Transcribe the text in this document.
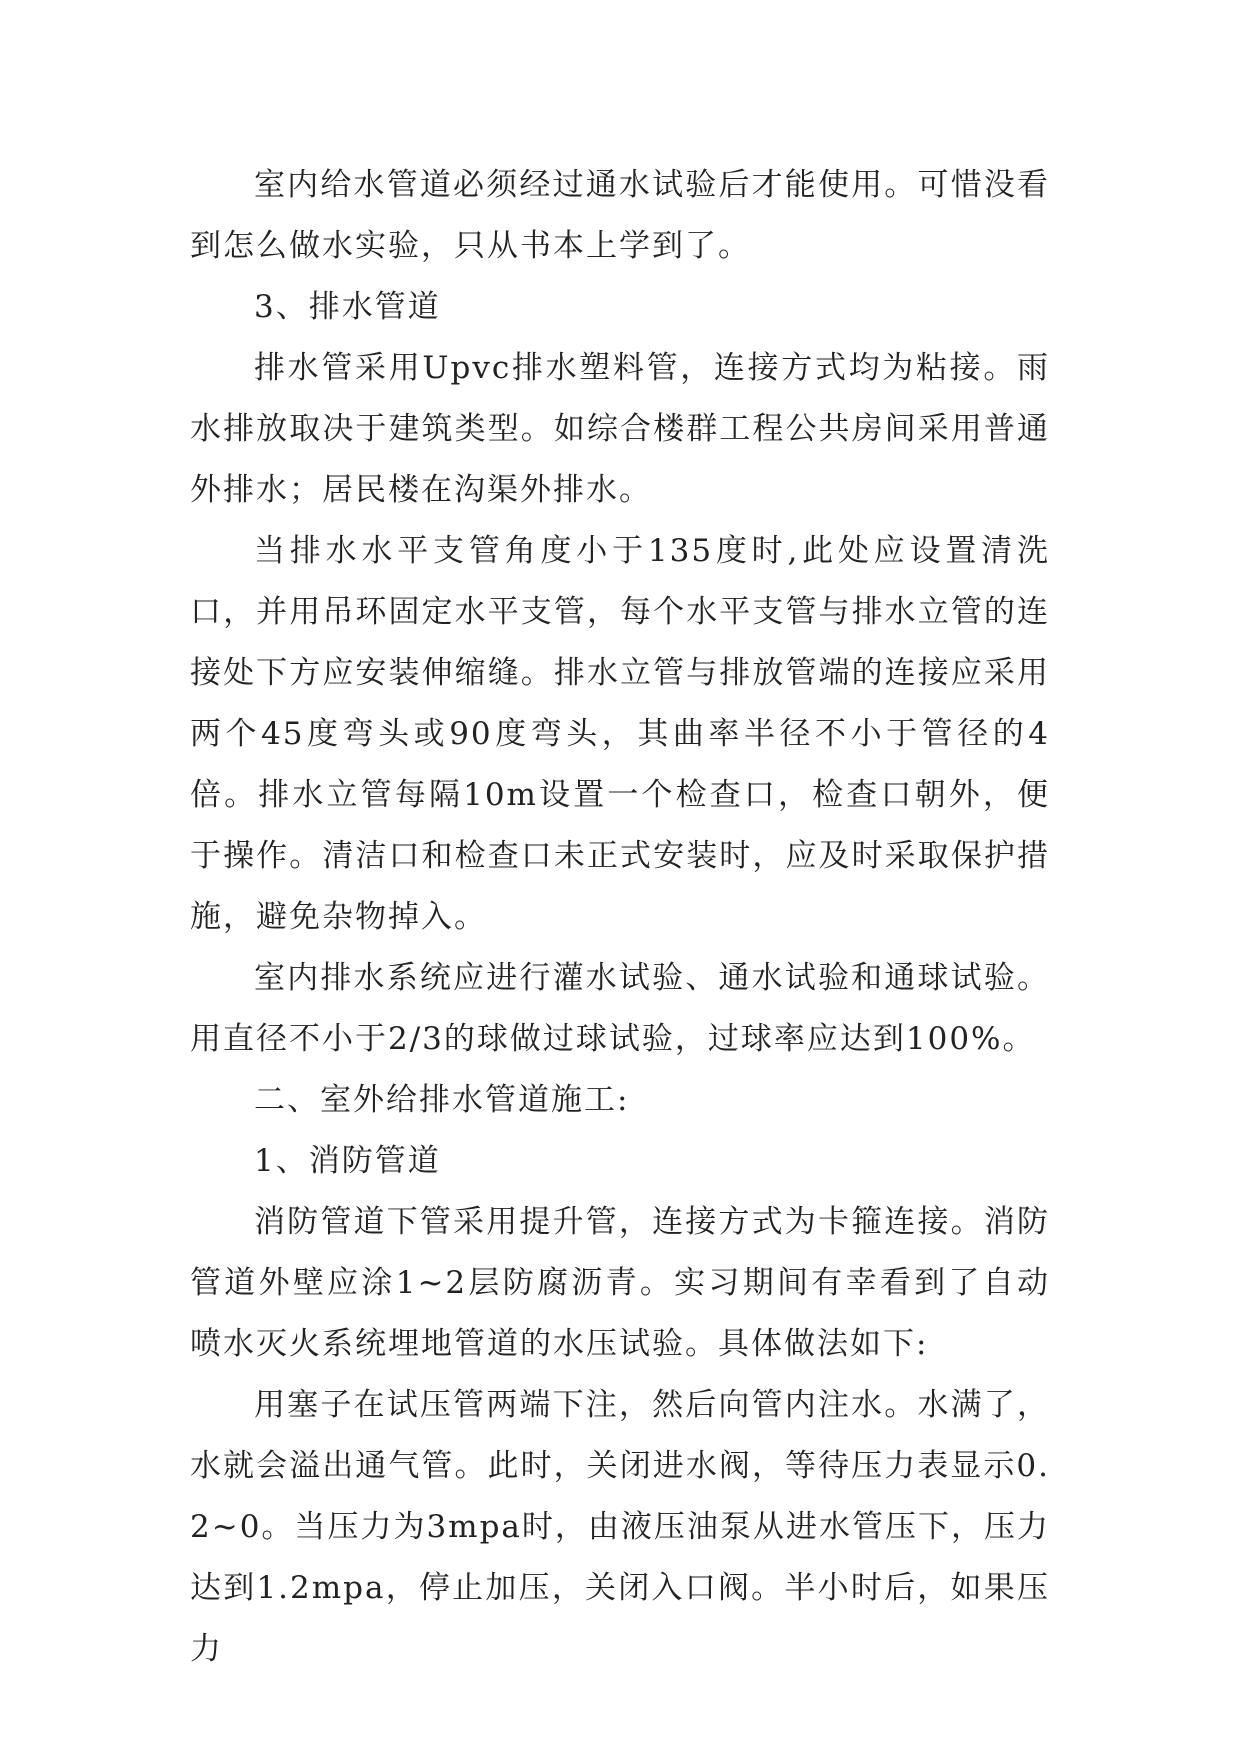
室内给水管道必须经过通水试验后才能使用。可惜没看到怎么做水实验，只从书本上学到了。

3、排水管道

排水管采用Upvc排水塑料管，连接方式均为粘接。雨水排放取决于建筑类型。如综合楼群工程公共房间采用普通外排水；居民楼在沟渠外排水。

当排水水平支管角度小于135度时,此处应设置清洗口，并用吊环固定水平支管，每个水平支管与排水立管的连接处下方应安装伸缩缝。排水立管与排放管端的连接应采用两个45度弯头或90度弯头，其曲率半径不小于管径的4倍。排水立管每隔10m设置一个检查口，检查口朝外，便于操作。清洁口和检查口未正式安装时，应及时采取保护措施，避免杂物掉入。

室内排水系统应进行灌水试验、通水试验和通球试验。用直径不小于2/3的球做过球试验，过球率应达到100%。

二、室外给排水管道施工:

1、消防管道

消防管道下管采用提升管，连接方式为卡箍连接。消防管道外壁应涂1~2层防腐沥青。实习期间有幸看到了自动喷水灭火系统埋地管道的水压试验。具体做法如下:

用塞子在试压管两端下注，然后向管内注水。水满了，水就会溢出通气管。此时，关闭进水阀，等待压力表显示0.2~0。当压力为3mpa时，由液压油泵从进水管压下，压力达到1.2mpa，停止加压，关闭入口阀。半小时后，如果压力
